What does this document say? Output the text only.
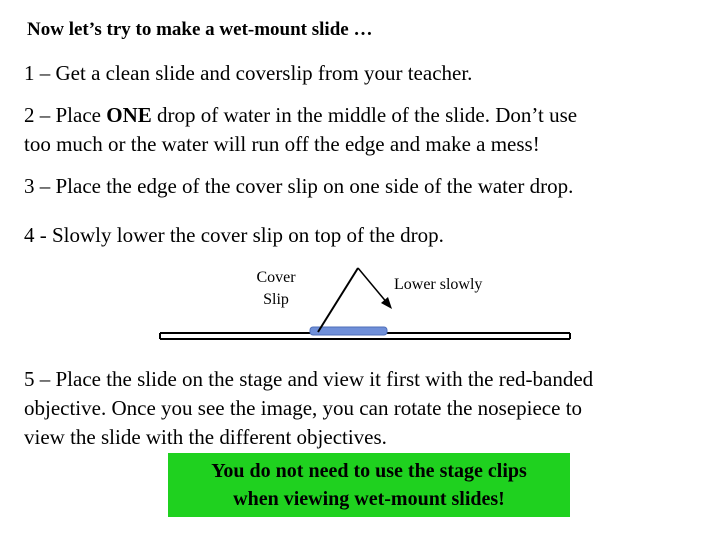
Now let’s try to make a wet-mount slide …
1 – Get a clean slide and coverslip from your teacher.
2 – Place ONE drop of water in the middle of the slide. Don’t use
too much or the water will run off the edge and make a mess!
3 – Place the edge of the cover slip on one side of the water drop.
4 - Slowly lower the cover slip on top of the drop.
Cover
Slip
Lower slowly
5 – Place the slide on the stage and view it first with the red-banded
objective. Once you see the image, you can rotate the nosepiece to
view the slide with the different objectives.
You do not need to use the stage clips
when viewing wet-mount slides!
